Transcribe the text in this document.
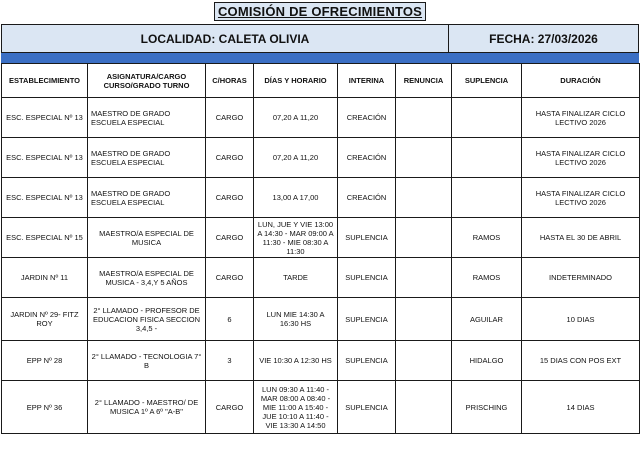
COMISIÓN DE OFRECIMIENTOS
LOCALIDAD: CALETA OLIVIA	FECHA: 27/03/2026
ESTABLECIMIENTO	ASIGNATURA/CARGO CURSO/GRADO TURNO	C/HORAS	DÍAS Y HORARIO	INTERINA	RENUNCIA	SUPLENCIA	DURACIÓN
ESC. ESPECIAL Nº 13	MAESTRO DE GRADO ESCUELA ESPECIAL	CARGO	07,20 A 11,20	CREACIÓN			HASTA FINALIZAR CICLO LECTIVO 2026
ESC. ESPECIAL Nº 13	MAESTRO DE GRADO ESCUELA ESPECIAL	CARGO	07,20 A 11,20	CREACIÓN			HASTA FINALIZAR CICLO LECTIVO 2026
ESC. ESPECIAL Nº 13	MAESTRO DE GRADO ESCUELA ESPECIAL	CARGO	13,00 A 17,00	CREACIÓN			HASTA FINALIZAR CICLO LECTIVO 2026
ESC. ESPECIAL Nº 15	MAESTRO/A ESPECIAL DE MUSICA	CARGO	LUN, JUE Y VIE 13:00 A 14:30 - MAR 09:00 A 11:30 - MIE 08:30 A 11:30	SUPLENCIA		RAMOS	HASTA EL 30 DE ABRIL
JARDIN Nº 11	MAESTRO/A ESPECIAL DE MUSICA - 3,4,Y 5 AÑOS	CARGO	TARDE	SUPLENCIA		RAMOS	INDETERMINADO
JARDIN Nº 29- FITZ ROY	2° LLAMADO - PROFESOR DE EDUCACION FISICA SECCION 3,4,5 -	6	LUN MIE 14:30 A 16:30 HS	SUPLENCIA		AGUILAR	10 DIAS
EPP Nº 28	2° LLAMADO - TECNOLOGIA 7° B	3	VIE 10:30 A 12:30 HS	SUPLENCIA		HIDALGO	15 DIAS CON POS EXT
EPP Nº 36	2° LLAMADO - MAESTRO/ DE MUSICA 1º A 6º "A-B"	CARGO	LUN 09:30 A 11:40 - MAR 08:00 A 08:40 - MIE 11:00 A 15:40 - JUE 10:10 A 11:40 - VIE 13:30 A 14:50	SUPLENCIA		PRISCHING	14 DIAS
